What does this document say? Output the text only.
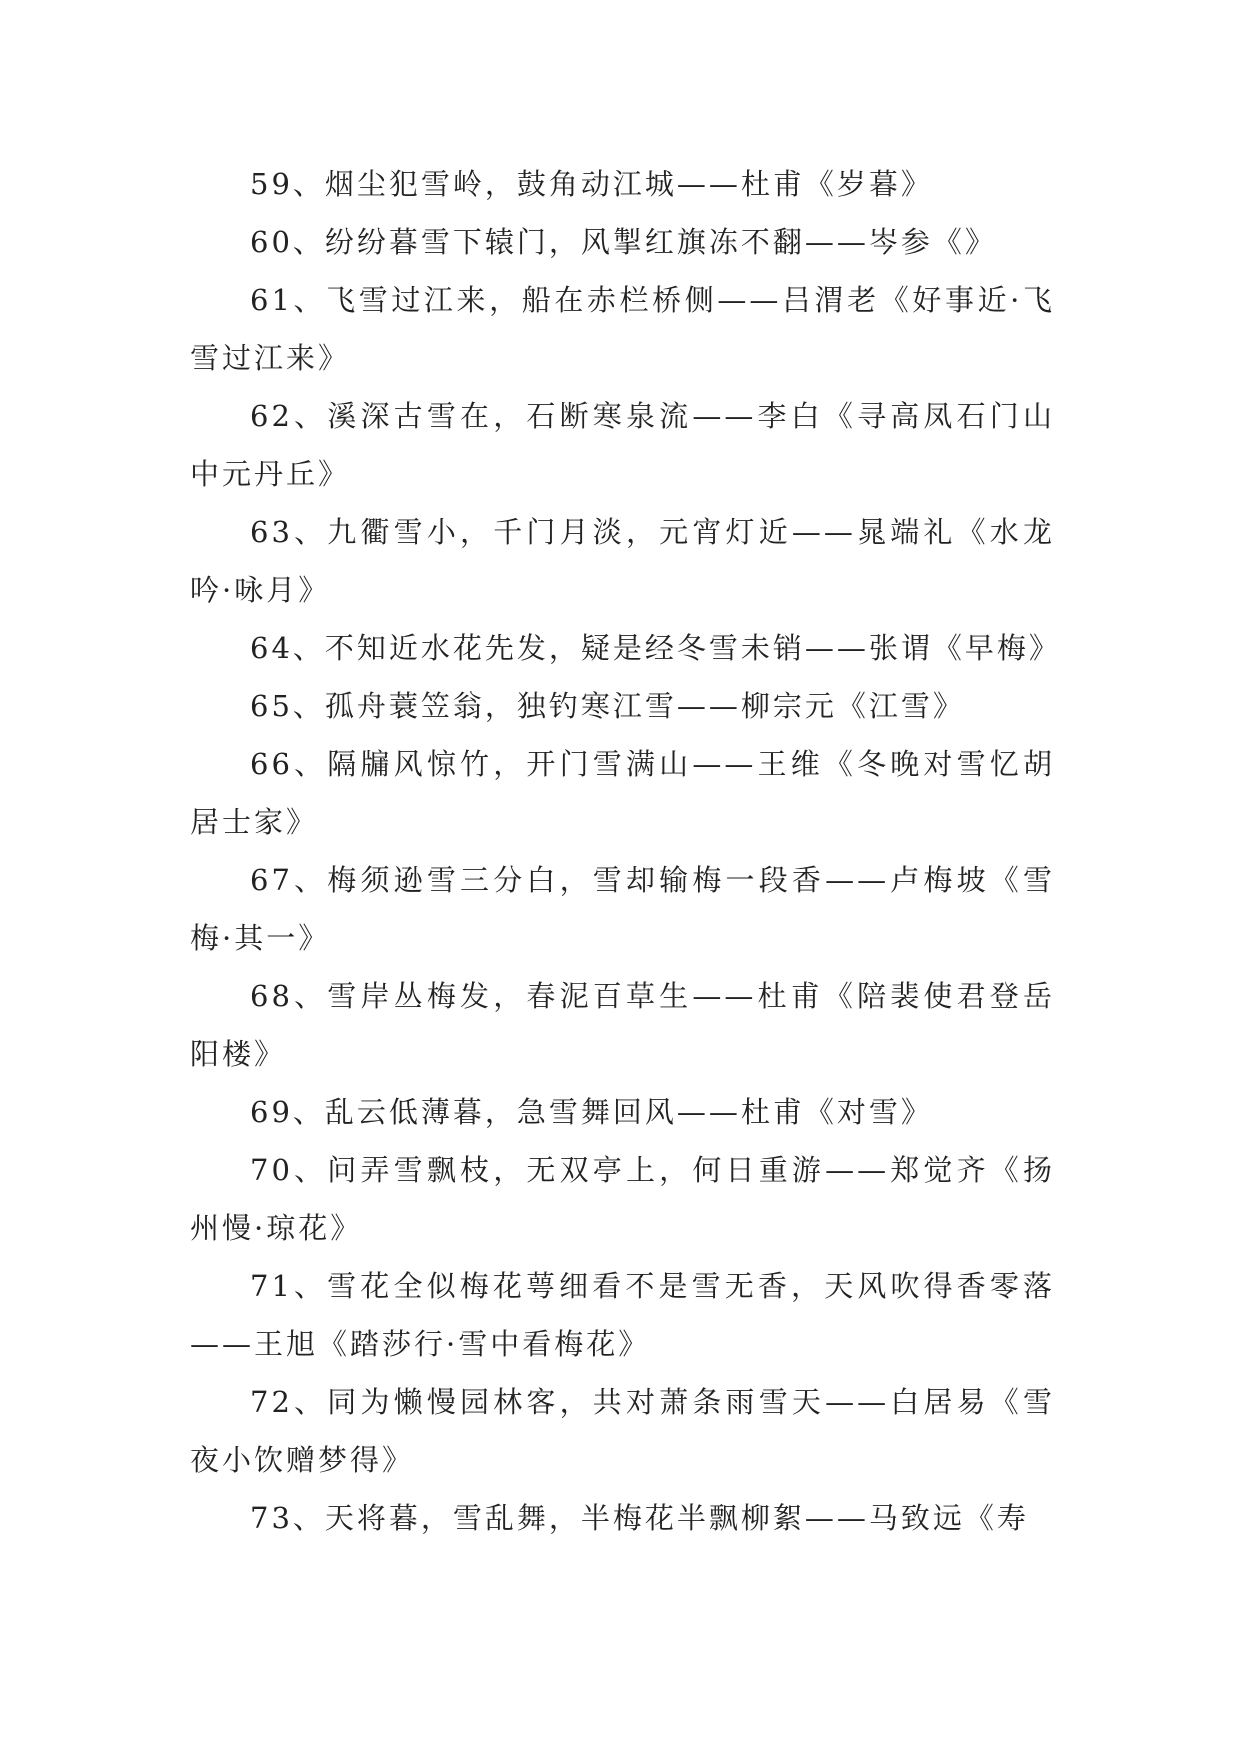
59、烟尘犯雪岭，鼓角动江城——杜甫《岁暮》

60、纷纷暮雪下辕门，风掣红旗冻不翻——岑参《》

61、飞雪过江来，船在赤栏桥侧——吕渭老《好事近·飞雪过江来》

62、溪深古雪在，石断寒泉流——李白《寻高凤石门山中元丹丘》

63、九衢雪小，千门月淡，元宵灯近——晁端礼《水龙吟·咏月》

64、不知近水花先发，疑是经冬雪未销——张谓《早梅》

65、孤舟蓑笠翁，独钓寒江雪——柳宗元《江雪》

66、隔牖风惊竹，开门雪满山——王维《冬晚对雪忆胡居士家》

67、梅须逊雪三分白，雪却输梅一段香——卢梅坡《雪梅·其一》

68、雪岸丛梅发，春泥百草生——杜甫《陪裴使君登岳阳楼》

69、乱云低薄暮，急雪舞回风——杜甫《对雪》

70、问弄雪飘枝，无双亭上，何日重游——郑觉齐《扬州慢·琼花》

71、雪花全似梅花萼细看不是雪无香，天风吹得香零落——王旭《踏莎行·雪中看梅花》

72、同为懒慢园林客，共对萧条雨雪天——白居易《雪夜小饮赠梦得》

73、天将暮，雪乱舞，半梅花半飘柳絮——马致远《寿
